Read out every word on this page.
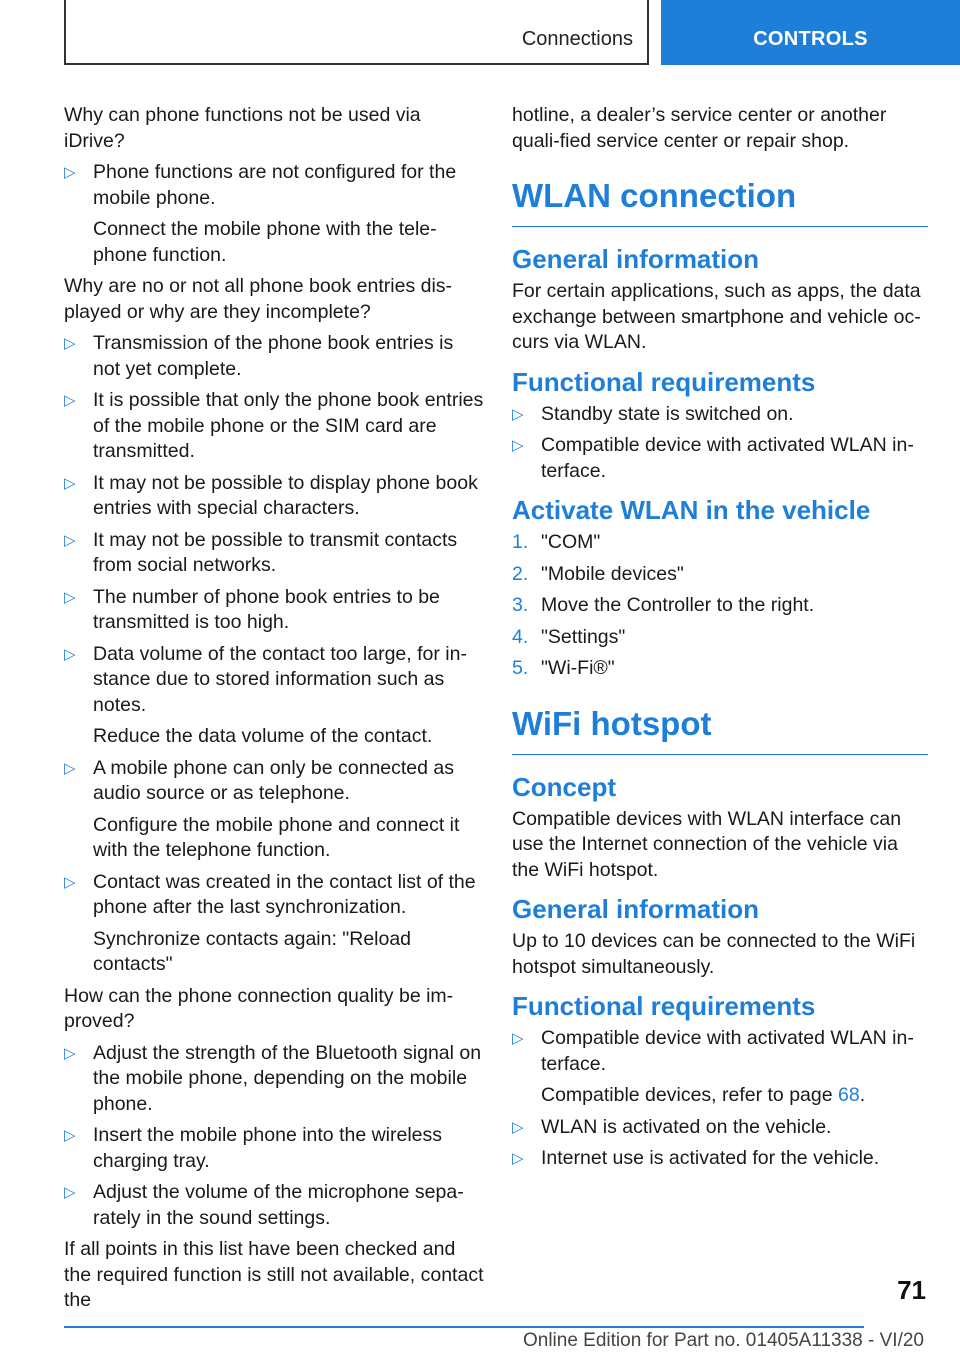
Connections	CONTROLS

Why can phone functions not be used via iDrive?

▷ Phone functions are not configured for the mobile phone.

Connect the mobile phone with the tele-phone function.

Why are no or not all phone book entries dis-played or why are they incomplete?

▷ Transmission of the phone book entries is not yet complete.
▷ It is possible that only the phone book entries of the mobile phone or the SIM card are transmitted.
▷ It may not be possible to display phone book entries with special characters.
▷ It may not be possible to transmit contacts from social networks.
▷ The number of phone book entries to be transmitted is too high.
▷ Data volume of the contact too large, for in-stance due to stored information such as notes.

Reduce the data volume of the contact.

▷ A mobile phone can only be connected as audio source or as telephone.

Configure the mobile phone and connect it with the telephone function.

▷ Contact was created in the contact list of the phone after the last synchronization.

Synchronize contacts again: "Reload contacts"

How can the phone connection quality be im-proved?

▷ Adjust the strength of the Bluetooth signal on the mobile phone, depending on the mobile phone.
▷ Insert the mobile phone into the wireless charging tray.
▷ Adjust the volume of the microphone sepa-rately in the sound settings.

If all points in this list have been checked and the required function is still not available, contact the

hotline, a dealer’s service center or another quali-fied service center or repair shop.

WLAN connection
General information

For certain applications, such as apps, the data exchange between smartphone and vehicle oc-curs via WLAN.

Functional requirements
▷ Standby state is switched on.
▷ Compatible device with activated WLAN in-terface.
Activate WLAN in the vehicle
1. "COM"
2. "Mobile devices"
3. Move the Controller to the right.
4. "Settings"
5. "Wi-Fi®"
WiFi hotspot
Concept

Compatible devices with WLAN interface can use the Internet connection of the vehicle via the WiFi hotspot.

General information

Up to 10 devices can be connected to the WiFi hotspot simultaneously.

Functional requirements
▷ Compatible device with activated WLAN in-terface.

Compatible devices, refer to page 68.

▷ WLAN is activated on the vehicle.
▷ Internet use is activated for the vehicle.
71
Online Edition for Part no. 01405A11338 - VI/20
